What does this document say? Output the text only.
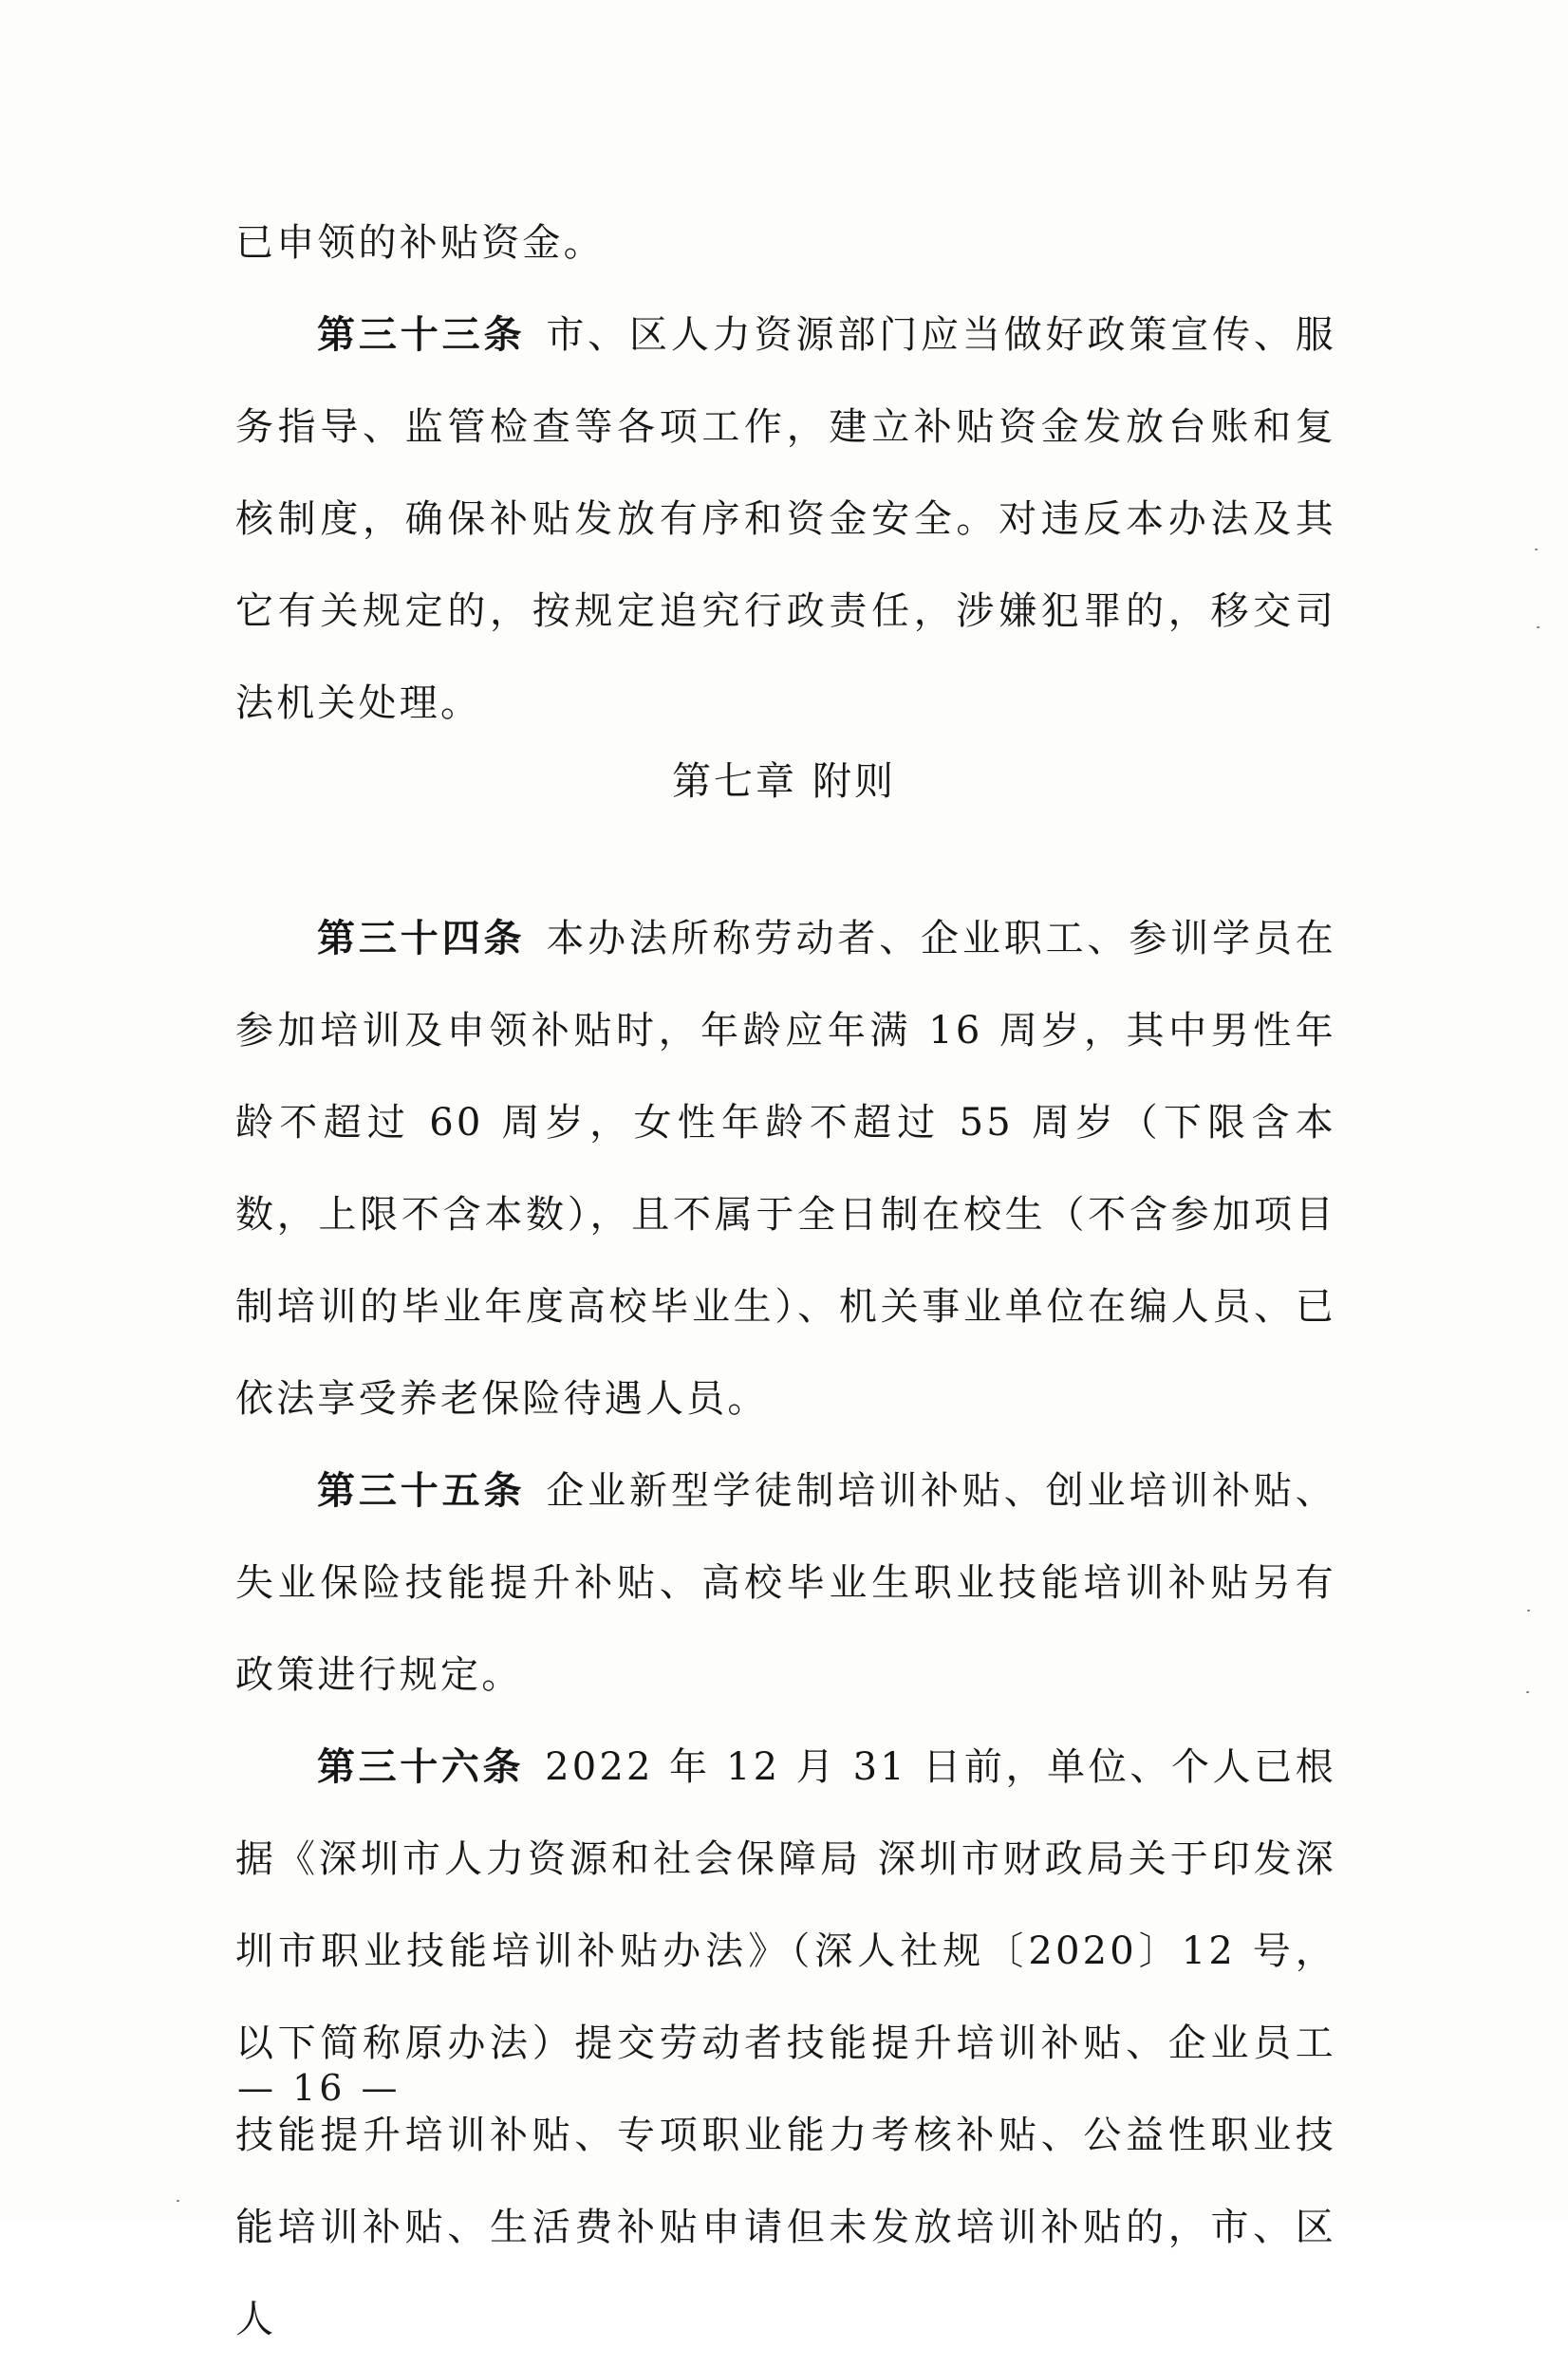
已申领的补贴资金。

第三十三条 市、区人力资源部门应当做好政策宣传、服务指导、监管检查等各项工作，建立补贴资金发放台账和复核制度，确保补贴发放有序和资金安全。对违反本办法及其它有关规定的，按规定追究行政责任，涉嫌犯罪的，移交司法机关处理。

第七章 附则

第三十四条 本办法所称劳动者、企业职工、参训学员在参加培训及申领补贴时，年龄应年满 16 周岁，其中男性年龄不超过 60 周岁，女性年龄不超过 55 周岁（下限含本数，上限不含本数），且不属于全日制在校生（不含参加项目制培训的毕业年度高校毕业生）、机关事业单位在编人员、已依法享受养老保险待遇人员。

第三十五条 企业新型学徒制培训补贴、创业培训补贴、失业保险技能提升补贴、高校毕业生职业技能培训补贴另有政策进行规定。

第三十六条 2022 年 12 月 31 日前，单位、个人已根据《深圳市人力资源和社会保障局 深圳市财政局关于印发深圳市职业技能培训补贴办法》（深人社规〔2020〕12 号，以下简称原办法）提交劳动者技能提升培训补贴、企业员工技能提升培训补贴、专项职业能力考核补贴、公益性职业技能培训补贴、生活费补贴申请但未发放培训补贴的，市、区人

— 16 —
